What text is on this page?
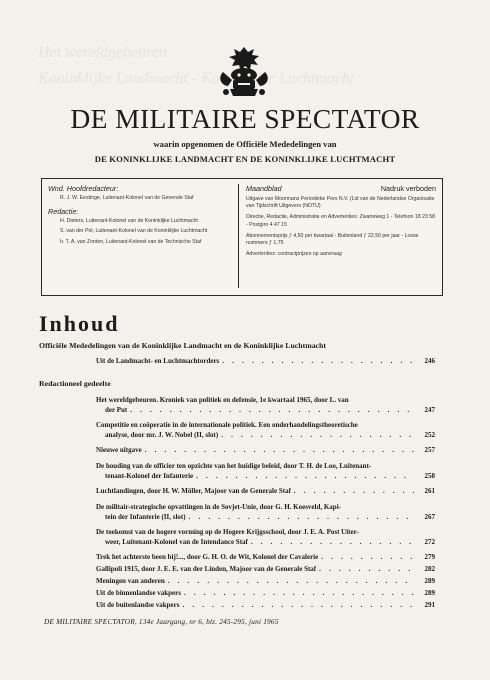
Het wereldgebeuren
Koninklijke Landmacht - Koninklijke Luchtmacht
DE MILITAIRE SPECTATOR
waarin opgenomen de Officiële Mededelingen van
DE KONINKLIJKE LANDMACHT EN DE KONINKLIJKE LUCHTMACHT
Wnd. Hoofdredacteur:
R. J. W. Eestinge, Luitenant-Kolonel van de Generale Staf
Redactie:
H. Dieters, Luitenant-Kolonel van de Koninklijke Luchtmacht
S. van der Pol, Luitenant-Kolonel van de Koninklijke Luchtmacht
Ir. T. A. van Zonten, Luitenant-Kolonel van de Technische Staf
Maandblad	Nadruk verboden
Uitgave van Moormans Periodieke Pers N.V. (Lid van de Nederlandse Organisatie van Tijdschrift Uitgevers (NOTU)
Directie, Redactie, Administratie en Advertenties: Zwarteweg 1 - Telefoon 18 23 58 - Postgiro 4 47 15
Abonnementsprijs ƒ 4,50 per kwartaal - Buitenland ƒ 22,50 per jaar - Losse nummers ƒ 1,75
Advertenties: contractprijzen op aanvraag
Inhoud
Officiële Mededelingen van de Koninklijke Landmacht en de Koninklijke Luchtmacht
Uit de Landmacht- en Luchtmachtorders . . .	246
Redactioneel gedeelte
Het wereldgebeuren. Kroniek van politiek en defensie, 1e kwartaal 1965, door L. van
der Put . . .	247
Competitie en coöperatie in de internationale politiek. Een onderhandelingstheoretische
analyse, door mr. J. W. Nobel (II, slot) . . .	252
Nieuwe uitgave . . .	257
De houding van de officier ten opzichte van het huidige beleid, door T. H. de Loo, Luitenant-
tenant-Kolonel der Infanterie . . .	258
Luchtlandingen, door H. W. Möller, Majoor van de Generale Staf . . .	261
De militair-strategische opvattingen in de Sovjet-Unie, door G. H. Koesveld, Kapi-
tein der Infanterie (II, slot) . . .	267
De toekomst van de hogere vorming op de Hogere Krijgsschool, door J. E. A. Post Uiter-
weer, Luitenant-Kolonel van de Intendance Staf . . .	272
Trek het achterste been bij!..., door G. H. O. de Wit, Kolonel der Cavalerie . . .	279
Gallipoli 1915, door J. E. E. van der Linden, Majoor van de Generale Staf . . .	282
Meningen van anderen . . .	289
Uit de binnenlandse vakpers . . .	289
Uit de buitenlandse vakpers . . .	291
DE MILITAIRE SPECTATOR, 134e Jaargang, nr 6, blz. 245-295, juni 1965
